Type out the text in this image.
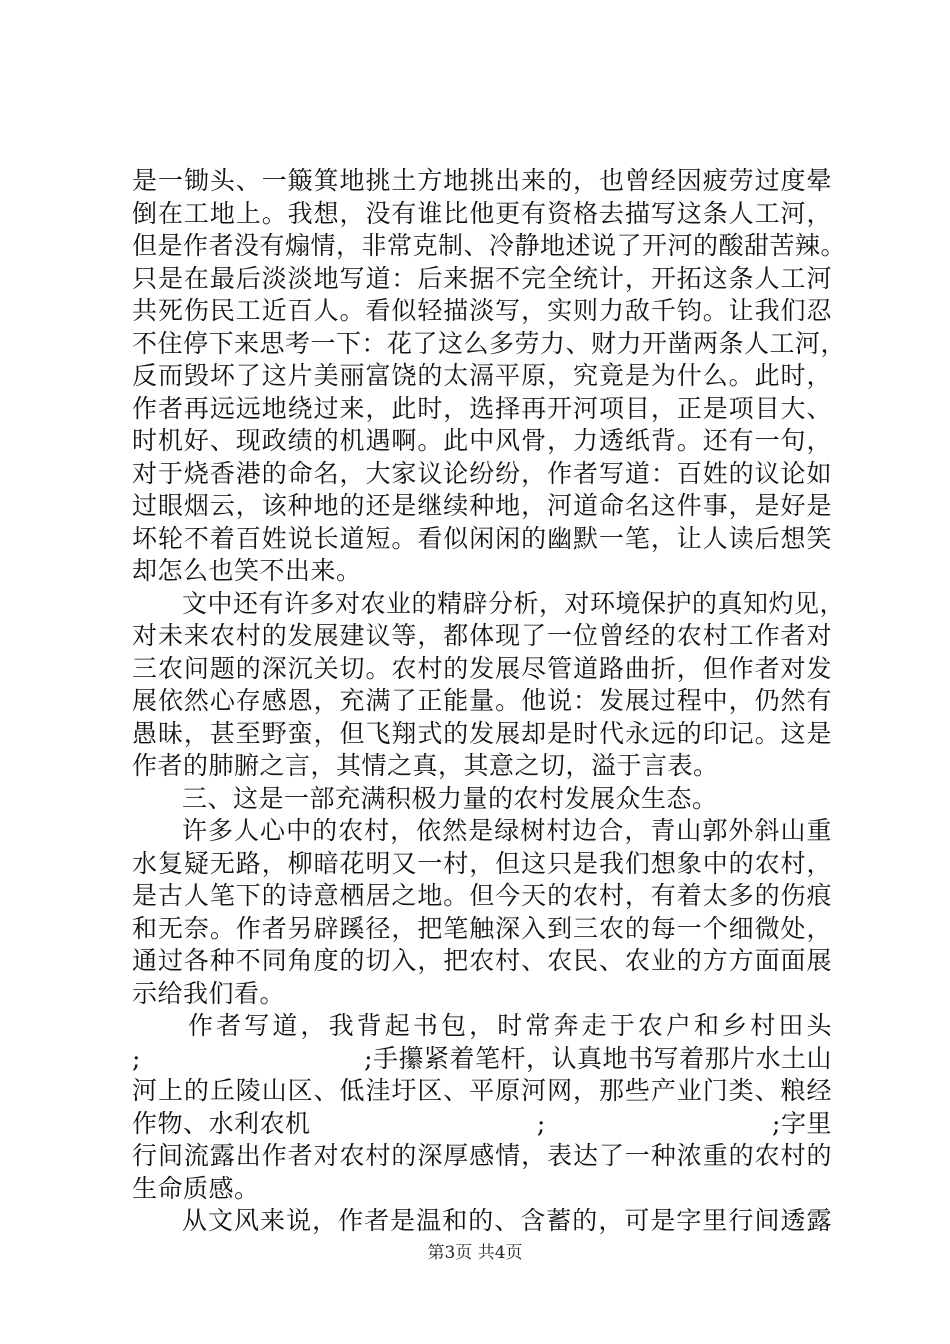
是一锄头、一簸箕地挑土方地挑出来的，也曾经因疲劳过度晕
倒在工地上。我想，没有谁比他更有资格去描写这条人工河，
但是作者没有煽情，非常克制、冷静地述说了开河的酸甜苦辣。
只是在最后淡淡地写道：后来据不完全统计，开拓这条人工河
共死伤民工近百人。看似轻描淡写，实则力敌千钧。让我们忍
不住停下来思考一下：花了这么多劳力、财力开凿两条人工河，
反而毁坏了这片美丽富饶的太滆平原，究竟是为什么。此时，
作者再远远地绕过来，此时，选择再开河项目，正是项目大、
时机好、现政绩的机遇啊。此中风骨，力透纸背。还有一句，
对于烧香港的命名，大家议论纷纷，作者写道：百姓的议论如
过眼烟云，该种地的还是继续种地，河道命名这件事，是好是
坏轮不着百姓说长道短。看似闲闲的幽默一笔，让人读后想笑
却怎么也笑不出来。
文中还有许多对农业的精辟分析，对环境保护的真知灼见，
对未来农村的发展建议等，都体现了一位曾经的农村工作者对
三农问题的深沉关切。农村的发展尽管道路曲折，但作者对发
展依然心存感恩，充满了正能量。他说：发展过程中，仍然有
愚昧，甚至野蛮，但飞翔式的发展却是时代永远的印记。这是
作者的肺腑之言，其情之真，其意之切，溢于言表。
三、这是一部充满积极力量的农村发展众生态。
许多人心中的农村，依然是绿树村边合，青山郭外斜山重
水复疑无路，柳暗花明又一村，但这只是我们想象中的农村，
是古人笔下的诗意栖居之地。但今天的农村，有着太多的伤痕
和无奈。作者另辟蹊径，把笔触深入到三农的每一个细微处，
通过各种不同角度的切入，把农村、农民、农业的方方面面展
示给我们看。
作者写道，我背起书包，时常奔走于农户和乡村田头
;	;手攥紧着笔杆，认真地书写着那片水土山
河上的丘陵山区、低洼圩区、平原河网，那些产业门类、粮经
作物、水利农机	;	;字里
行间流露出作者对农村的深厚感情，表达了一种浓重的农村的
生命质感。
从文风来说，作者是温和的、含蓄的，可是字里行间透露
第3页 共4页
